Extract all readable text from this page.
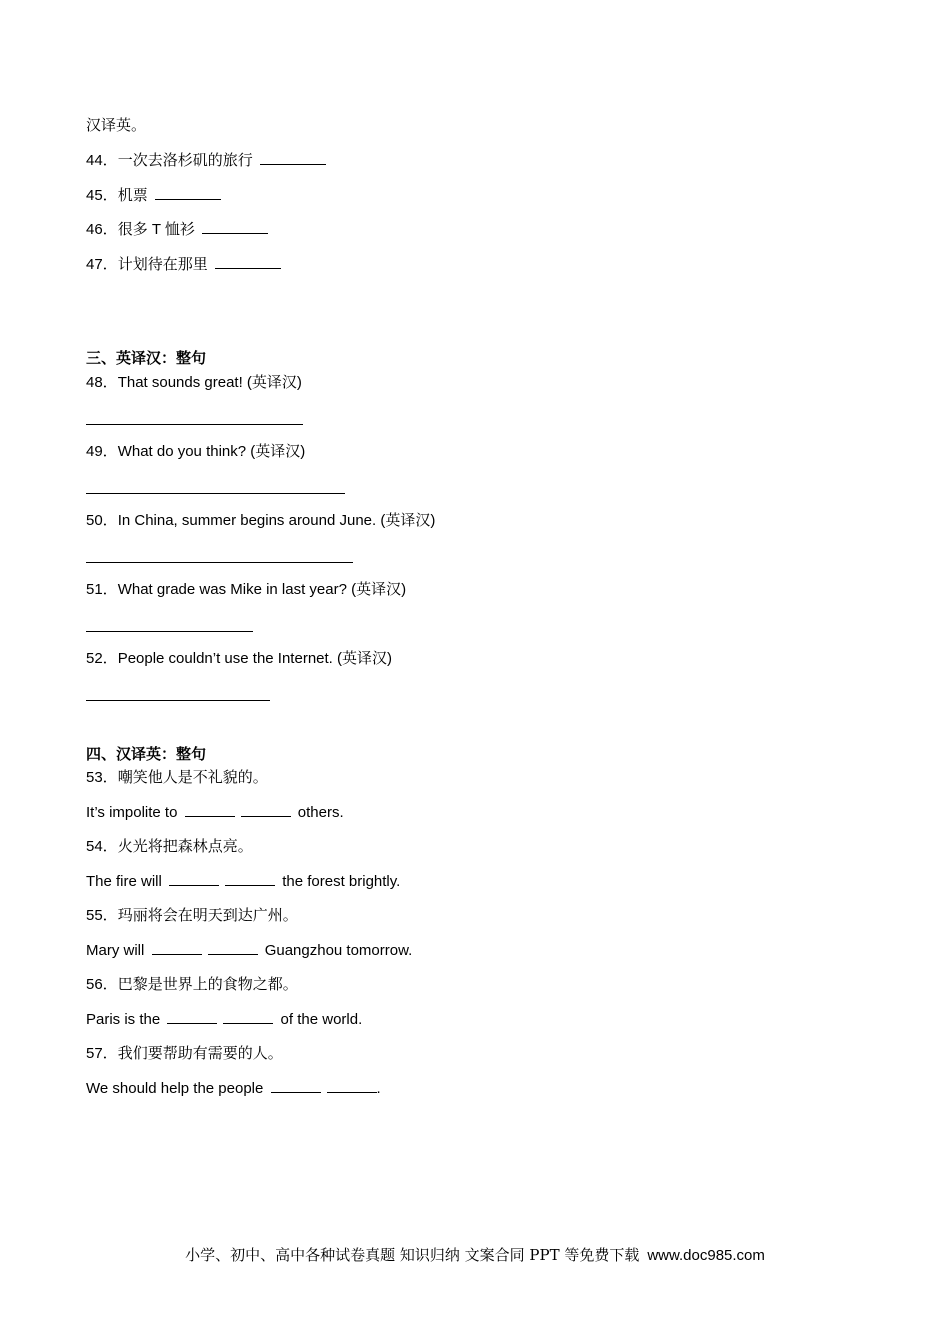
汉译英。
44．一次去洛杉矶的旅行
45．机票
46．很多 T 恤衫
47．计划待在那里
三、英译汉：整句
48．That sounds great! (英译汉)
49．What do you think? (英译汉)
50．In China, summer begins around June. (英译汉)
51．What grade was Mike in last year? (英译汉)
52．People couldn’t use the Internet. (英译汉)
四、汉译英：整句
53．嘲笑他人是不礼貌的。
It’s impolite to	others.
54．火光将把森林点亮。
The fire will	the forest brightly.
55．玛丽将会在明天到达广州。
Mary will	Guangzhou tomorrow.
56．巴黎是世界上的食物之都。
Paris is the	of the world.
57．我们要帮助有需要的人。
We should help the people	.
小学、初中、高中各种试卷真题 知识归纳 文案合同 PPT 等免费下载 www.doc985.com
